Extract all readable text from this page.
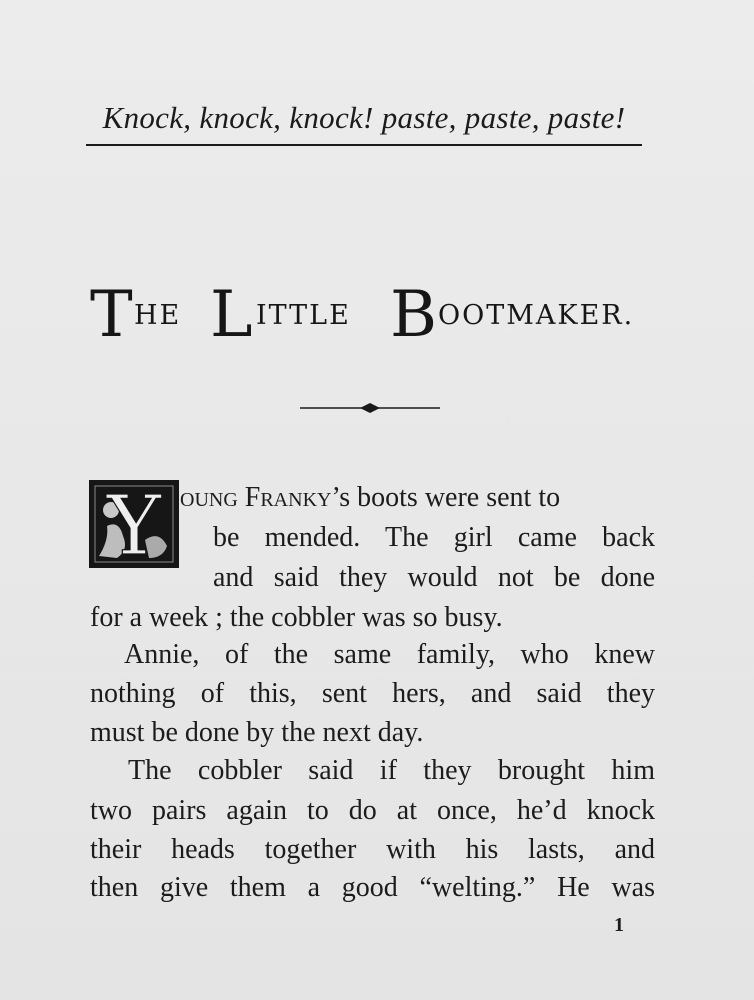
Knock, knock, knock! paste, paste, paste!
T HE L ITTLE B OOTMAKER.
Y oung Franky’s boots were sent to
be mended. The girl came back
and said they would not be done
for a week ; the cobbler was so busy.
Annie, of the same family, who knew
nothing of this, sent hers, and said they
must be done by the next day.
The cobbler said if they brought him
two pairs again to do at once, he’d knock
their heads together with his lasts, and
then give them a good “welting.” He was
1
